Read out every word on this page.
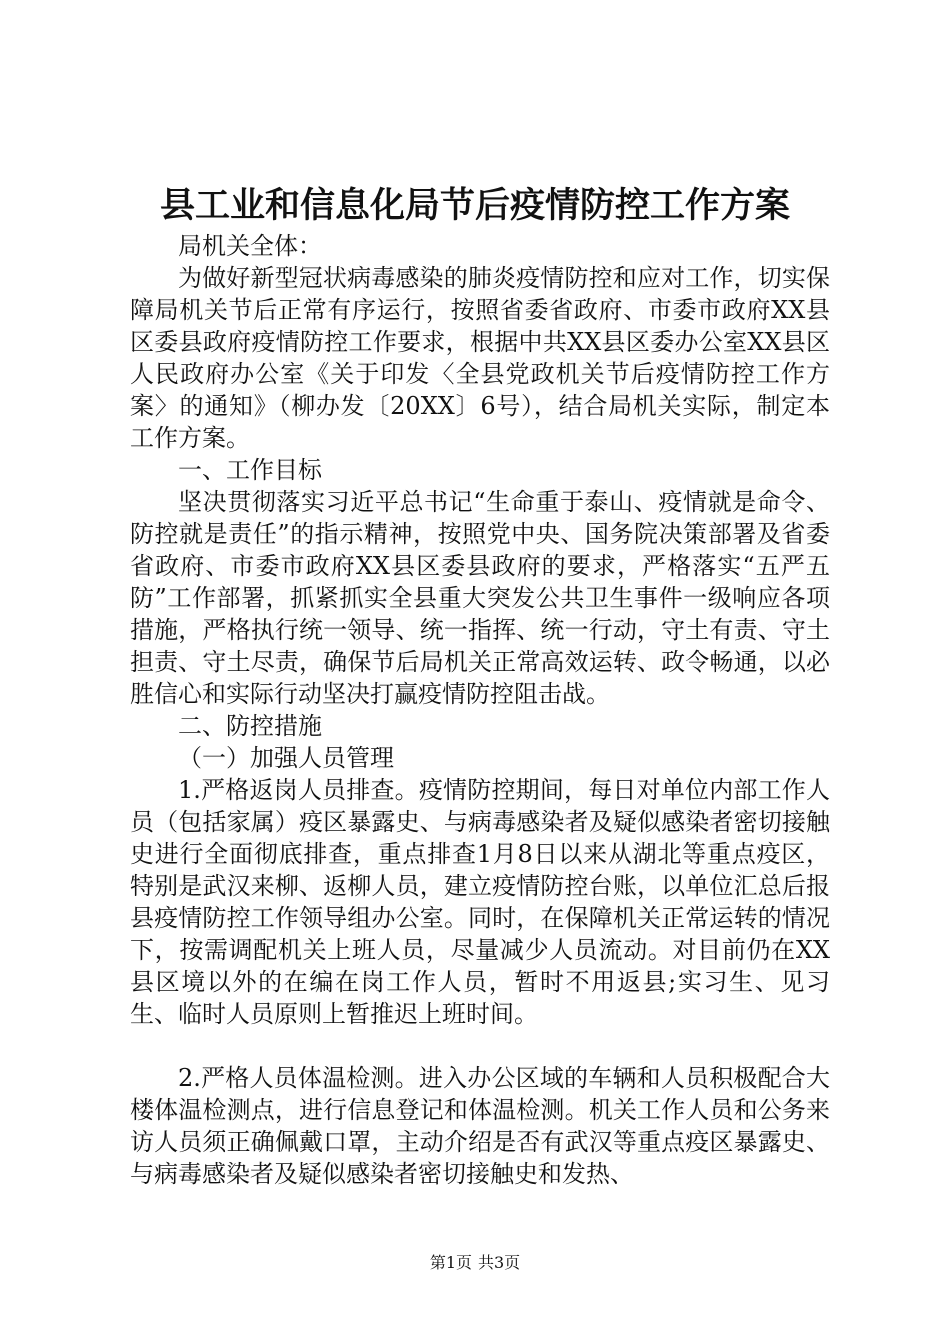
县工业和信息化局节后疫情防控工作方案

局机关全体：

为做好新型冠状病毒感染的肺炎疫情防控和应对工作，切实保障局机关节后正常有序运行，按照省委省政府、市委市政府XX县区委县政府疫情防控工作要求，根据中共XX县区委办公室XX县区人民政府办公室《关于印发〈全县党政机关节后疫情防控工作方案〉的通知》（柳办发〔20XX〕6号），结合局机关实际，制定本工作方案。

一、工作目标

坚决贯彻落实习近平总书记“生命重于泰山、疫情就是命令、防控就是责任”的指示精神，按照党中央、国务院决策部署及省委省政府、市委市政府XX县区委县政府的要求，严格落实“五严五防”工作部署，抓紧抓实全县重大突发公共卫生事件一级响应各项措施，严格执行统一领导、统一指挥、统一行动，守土有责、守土担责、守土尽责，确保节后局机关正常高效运转、政令畅通，以必胜信心和实际行动坚决打赢疫情防控阻击战。

二、防控措施

（一）加强人员管理

1.严格返岗人员排查。疫情防控期间，每日对单位内部工作人员（包括家属）疫区暴露史、与病毒感染者及疑似感染者密切接触史进行全面彻底排查，重点排查1月8日以来从湖北等重点疫区，特别是武汉来柳、返柳人员，建立疫情防控台账，以单位汇总后报县疫情防控工作领导组办公室。同时，在保障机关正常运转的情况下，按需调配机关上班人员，尽量减少人员流动。对目前仍在XX县区境以外的在编在岗工作人员，暂时不用返县;实习生、见习生、临时人员原则上暂推迟上班时间。

2.严格人员体温检测。进入办公区域的车辆和人员积极配合大楼体温检测点，进行信息登记和体温检测。机关工作人员和公务来访人员须正确佩戴口罩，主动介绍是否有武汉等重点疫区暴露史、与病毒感染者及疑似感染者密切接触史和发热、

第1页 共3页
